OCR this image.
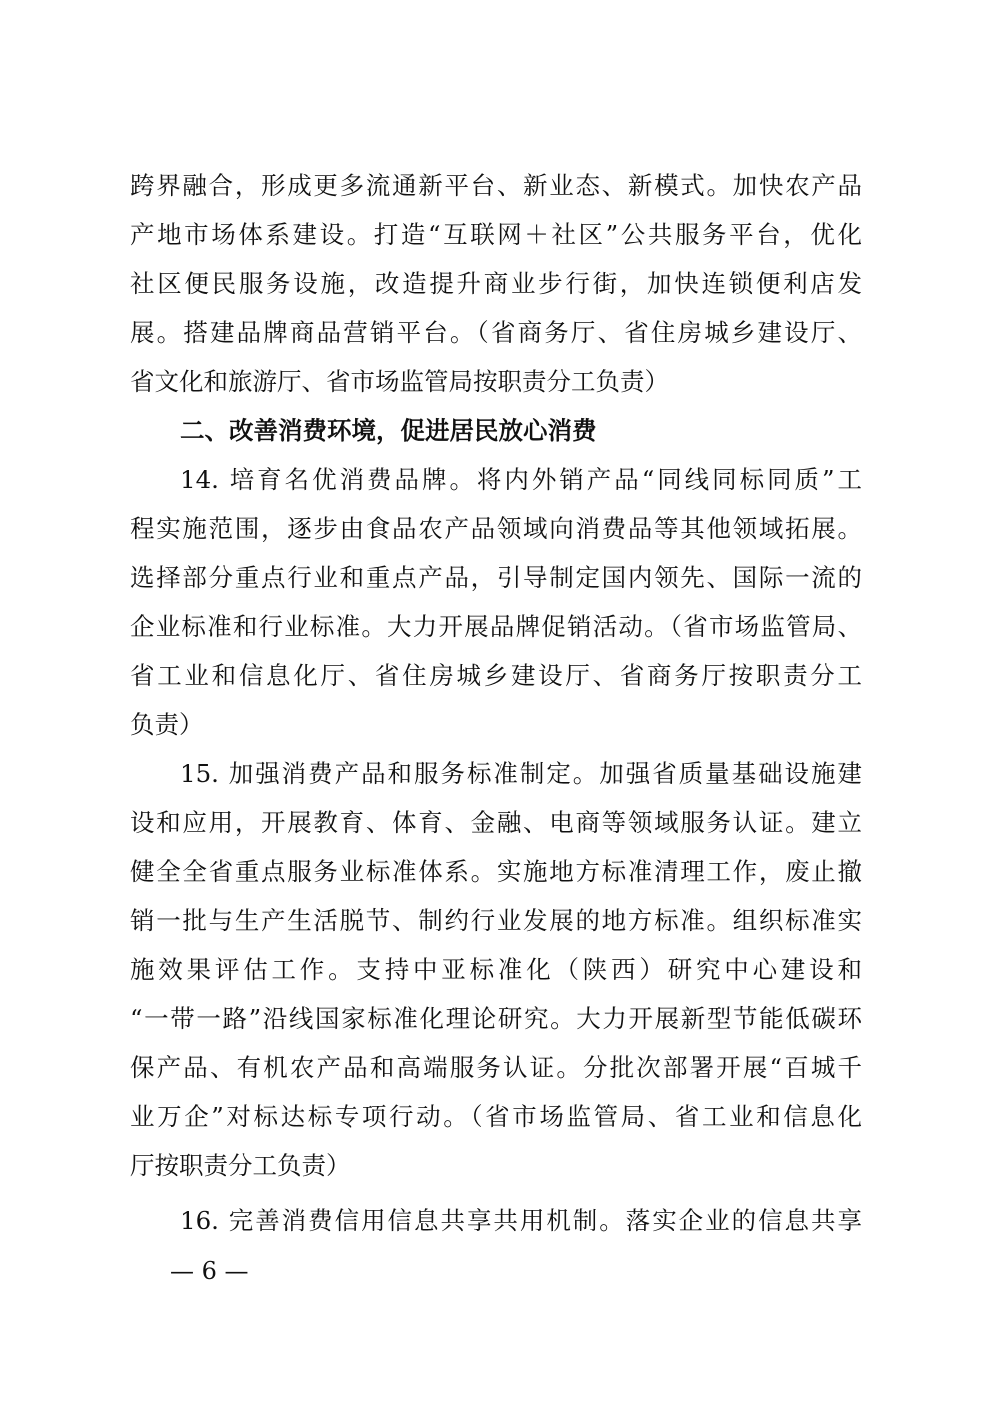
跨界融合，形成更多流通新平台、新业态、新模式。加快农产品
产地市场体系建设。打造“互联网＋社区”公共服务平台，优化
社区便民服务设施，改造提升商业步行街，加快连锁便利店发
展。搭建品牌商品营销平台。（省商务厅、省住房城乡建设厅、
省文化和旅游厅、省市场监管局按职责分工负责）
二、改善消费环境，促进居民放心消费
14. 培育名优消费品牌。将内外销产品“同线同标同质”工
程实施范围，逐步由食品农产品领域向消费品等其他领域拓展。
选择部分重点行业和重点产品，引导制定国内领先、国际一流的
企业标准和行业标准。大力开展品牌促销活动。（省市场监管局、
省工业和信息化厅、省住房城乡建设厅、省商务厅按职责分工
负责）
15. 加强消费产品和服务标准制定。加强省质量基础设施建
设和应用，开展教育、体育、金融、电商等领域服务认证。建立
健全全省重点服务业标准体系。实施地方标准清理工作，废止撤
销一批与生产生活脱节、制约行业发展的地方标准。组织标准实
施效果评估工作。支持中亚标准化（陕西）研究中心建设和
“一带一路”沿线国家标准化理论研究。大力开展新型节能低碳环
保产品、有机农产品和高端服务认证。分批次部署开展“百城千
业万企”对标达标专项行动。（省市场监管局、省工业和信息化
厅按职责分工负责）
16. 完善消费信用信息共享共用机制。落实企业的信息共享
— 6 —
